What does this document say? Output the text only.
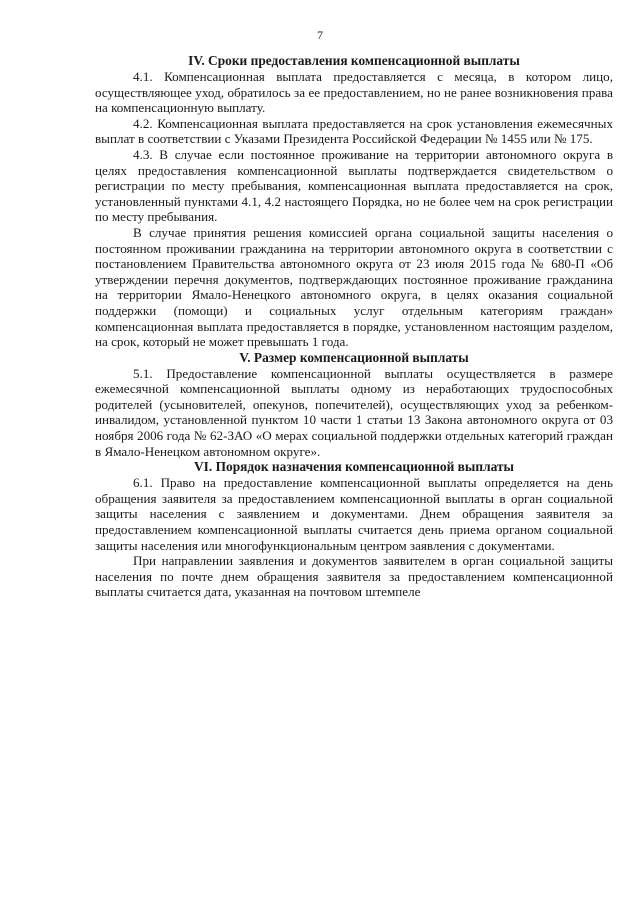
7
IV. Сроки предоставления компенсационной выплаты

4.1. Компенсационная выплата предоставляется с месяца, в котором лицо, осуществляющее уход, обратилось за ее предоставлением, но не ранее возникновения права на компенсационную выплату.

4.2. Компенсационная выплата предоставляется на срок установления ежемесячных выплат в соответствии с Указами Президента Российской Федерации № 1455 или № 175.

4.3. В случае если постоянное проживание на территории автономного округа в целях предоставления компенсационной выплаты подтверждается свидетельством о регистрации по месту пребывания, компенсационная выплата предоставляется на срок, установленный пунктами 4.1, 4.2 настоящего Порядка, но не более чем на срок регистрации по месту пребывания.

В случае принятия решения комиссией органа социальной защиты населения о постоянном проживании гражданина на территории автономного округа в соответствии с постановлением Правительства автономного округа от 23 июля 2015 года № 680-П «Об утверждении перечня документов, подтверждающих постоянное проживание гражданина на территории Ямало-Ненецкого автономного округа, в целях оказания социальной поддержки (помощи) и социальных услуг отдельным категориям граждан» компенсационная выплата предоставляется в порядке, установленном настоящим разделом, на срок, который не может превышать 1 года.

V. Размер компенсационной выплаты

5.1. Предоставление компенсационной выплаты осуществляется в размере ежемесячной компенсационной выплаты одному из неработающих трудоспособных родителей (усыновителей, опекунов, попечителей), осуществляющих уход за ребенком-инвалидом, установленной пунктом 10 части 1 статьи 13 Закона автономного округа от 03 ноября 2006 года № 62-ЗАО «О мерах социальной поддержки отдельных категорий граждан в Ямало-Ненецком автономном округе».

VI. Порядок назначения компенсационной выплаты

6.1. Право на предоставление компенсационной выплаты определяется на день обращения заявителя за предоставлением компенсационной выплаты в орган социальной защиты населения с заявлением и документами. Днем обращения заявителя за предоставлением компенсационной выплаты считается день приема органом социальной защиты населения или многофункциональным центром заявления с документами.

При направлении заявления и документов заявителем в орган социальной защиты населения по почте днем обращения заявителя за предоставлением компенсационной выплаты считается дата, указанная на почтовом штемпеле
